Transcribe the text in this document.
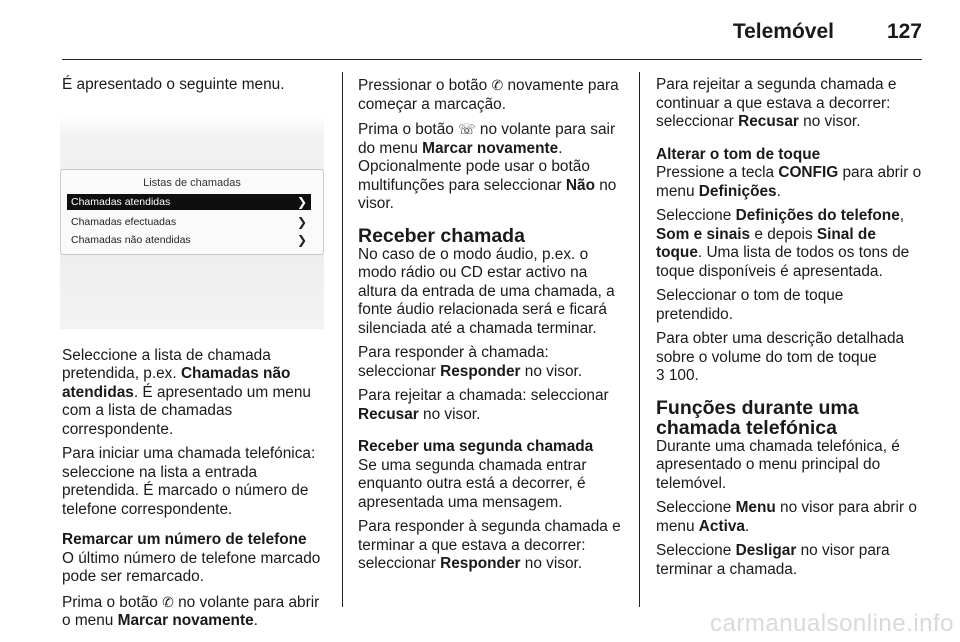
Telemóvel	127

É apresentado o seguinte menu.

Listas de chamadas
Chamadas atendidas	❯
Chamadas efectuadas	❯
Chamadas não atendidas	❯

Seleccione a lista de chamada pretendida, p.ex. Chamadas não atendidas. É apresentado um menu com a lista de chamadas correspondente.

Para iniciar uma chamada telefónica: seleccione na lista a entrada pretendida. É marcado o número de telefone correspondente.

Remarcar um número de telefone

O último número de telefone marcado pode ser remarcado.

Prima o botão ✆ no volante para abrir o menu Marcar novamente.

Pressionar o botão ✆ novamente para começar a marcação.

Prima o botão ☏ no volante para sair do menu Marcar novamente. Opcionalmente pode usar o botão multifunções para seleccionar Não no visor.

Receber chamada

No caso de o modo áudio, p.ex. o modo rádio ou CD estar activo na altura da entrada de uma chamada, a fonte áudio relacionada será e ficará silenciada até a chamada terminar.

Para responder à chamada: seleccionar Responder no visor.

Para rejeitar a chamada: seleccionar Recusar no visor.

Receber uma segunda chamada

Se uma segunda chamada entrar enquanto outra está a decorrer, é apresentada uma mensagem.

Para responder à segunda chamada e terminar a que estava a decorrer: seleccionar Responder no visor.

Para rejeitar a segunda chamada e continuar a que estava a decorrer: seleccionar Recusar no visor.

Alterar o tom de toque

Pressione a tecla CONFIG para abrir o menu Definições.

Seleccione Definições do telefone, Som e sinais e depois Sinal de toque. Uma lista de todos os tons de toque disponíveis é apresentada.

Seleccionar o tom de toque pretendido.

Para obter uma descrição detalhada sobre o volume do tom de toque
3 100.

Funções durante uma chamada telefónica

Durante uma chamada telefónica, é apresentado o menu principal do telemóvel.

Seleccione Menu no visor para abrir o menu Activa.

Seleccione Desligar no visor para terminar a chamada.

carmanualsonline.info
